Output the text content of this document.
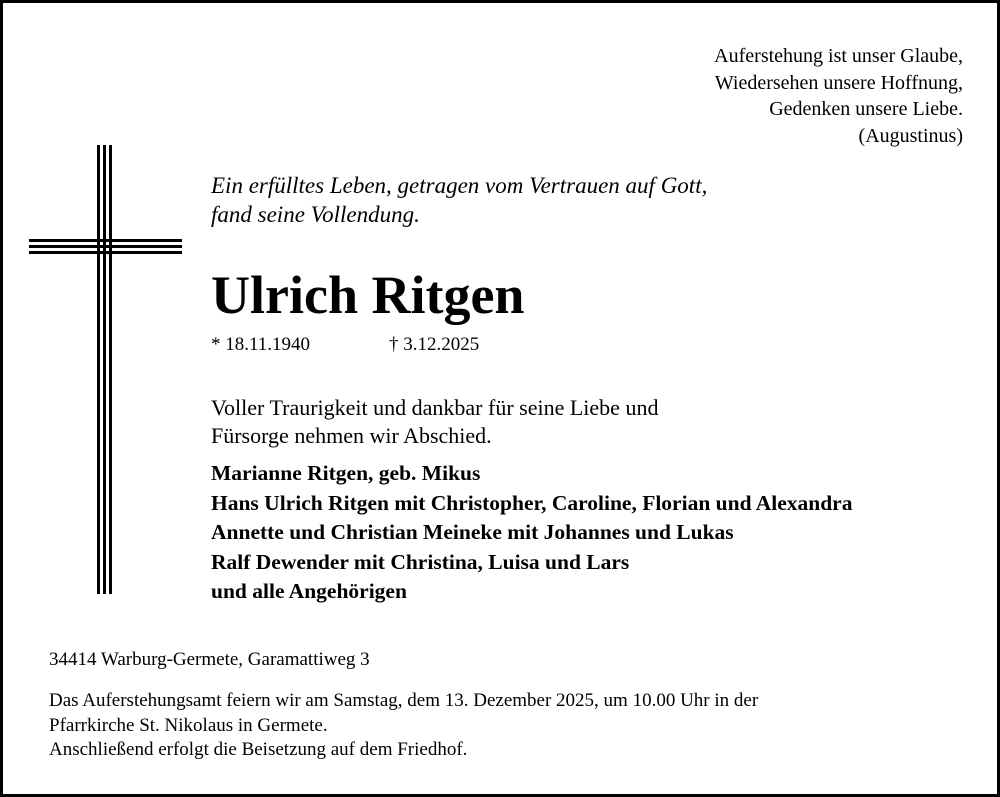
Auferstehung ist unser Glaube,
Wiedersehen unsere Hoffnung,
Gedenken unsere Liebe.
(Augustinus)
Ein erfülltes Leben, getragen vom Vertrauen auf Gott,
fand seine Vollendung.
Ulrich Ritgen
* 18.11.1940	† 3.12.2025
Voller Traurigkeit und dankbar für seine Liebe und
Fürsorge nehmen wir Abschied.
Marianne Ritgen, geb. Mikus
Hans Ulrich Ritgen mit Christopher, Caroline, Florian und Alexandra
Annette und Christian Meineke mit Johannes und Lukas
Ralf Dewender mit Christina, Luisa und Lars
und alle Angehörigen
34414 Warburg-Germete, Garamattiweg 3
Das Auferstehungsamt feiern wir am Samstag, dem 13. Dezember 2025, um 10.00 Uhr in der
Pfarrkirche St. Nikolaus in Germete.
Anschließend erfolgt die Beisetzung auf dem Friedhof.
